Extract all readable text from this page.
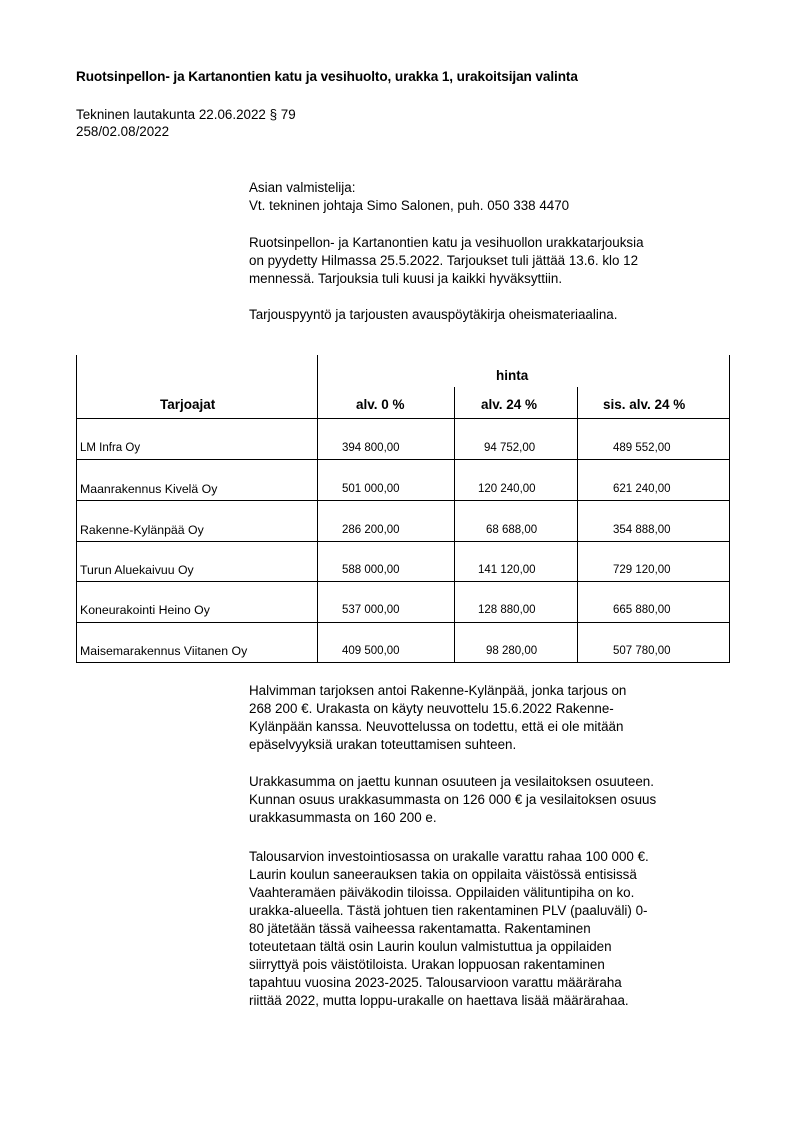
Ruotsinpellon- ja Kartanontien katu ja vesihuolto, urakka 1, urakoitsijan valinta
Tekninen lautakunta 22.06.2022 § 79
258/02.08/2022

Asian valmistelija:

Vt. tekninen johtaja Simo Salonen, puh. 050 338 4470

Ruotsinpellon- ja Kartanontien katu ja vesihuollon urakkatarjouksia

on pyydetty Hilmassa 25.5.2022. Tarjoukset tuli jättää 13.6. klo 12

mennessä. Tarjouksia tuli kuusi ja kaikki hyväksyttiin.

Tarjouspyyntö ja tarjousten avauspöytäkirja oheismateriaalina.

hinta
Tarjoajat	alv. 0 %	alv. 24 %	sis. alv. 24 %
LM Infra Oy	394 800,00	94 752,00	489 552,00
Maanrakennus Kivelä Oy	501 000,00	120 240,00	621 240,00
Rakenne-Kylänpää Oy	286 200,00	68 688,00	354 888,00
Turun Aluekaivuu Oy	588 000,00	141 120,00	729 120,00
Koneurakointi Heino Oy	537 000,00	128 880,00	665 880,00
Maisemarakennus Viitanen Oy	409 500,00	98 280,00	507 780,00

Halvimman tarjoksen antoi Rakenne-Kylänpää, jonka tarjous on

268 200 €. Urakasta on käyty neuvottelu 15.6.2022 Rakenne-

Kylänpään kanssa. Neuvottelussa on todettu, että ei ole mitään

epäselvyyksiä urakan toteuttamisen suhteen.

Urakkasumma on jaettu kunnan osuuteen ja vesilaitoksen osuuteen.

Kunnan osuus urakkasummasta on 126 000 € ja vesilaitoksen osuus

urakkasummasta on 160 200 e.

Talousarvion investointiosassa on urakalle varattu rahaa 100 000 €.

Laurin koulun saneerauksen takia on oppilaita väistössä entisissä

Vaahteramäen päiväkodin tiloissa. Oppilaiden välituntipiha on ko.

urakka-alueella. Tästä johtuen tien rakentaminen PLV (paaluväli) 0-

80 jätetään tässä vaiheessa rakentamatta. Rakentaminen

toteutetaan tältä osin Laurin koulun valmistuttua ja oppilaiden

siirryttyä pois väistötiloista. Urakan loppuosan rakentaminen

tapahtuu vuosina 2023-2025. Talousarvioon varattu määräraha

riittää 2022, mutta loppu-urakalle on haettava lisää määrärahaa.
